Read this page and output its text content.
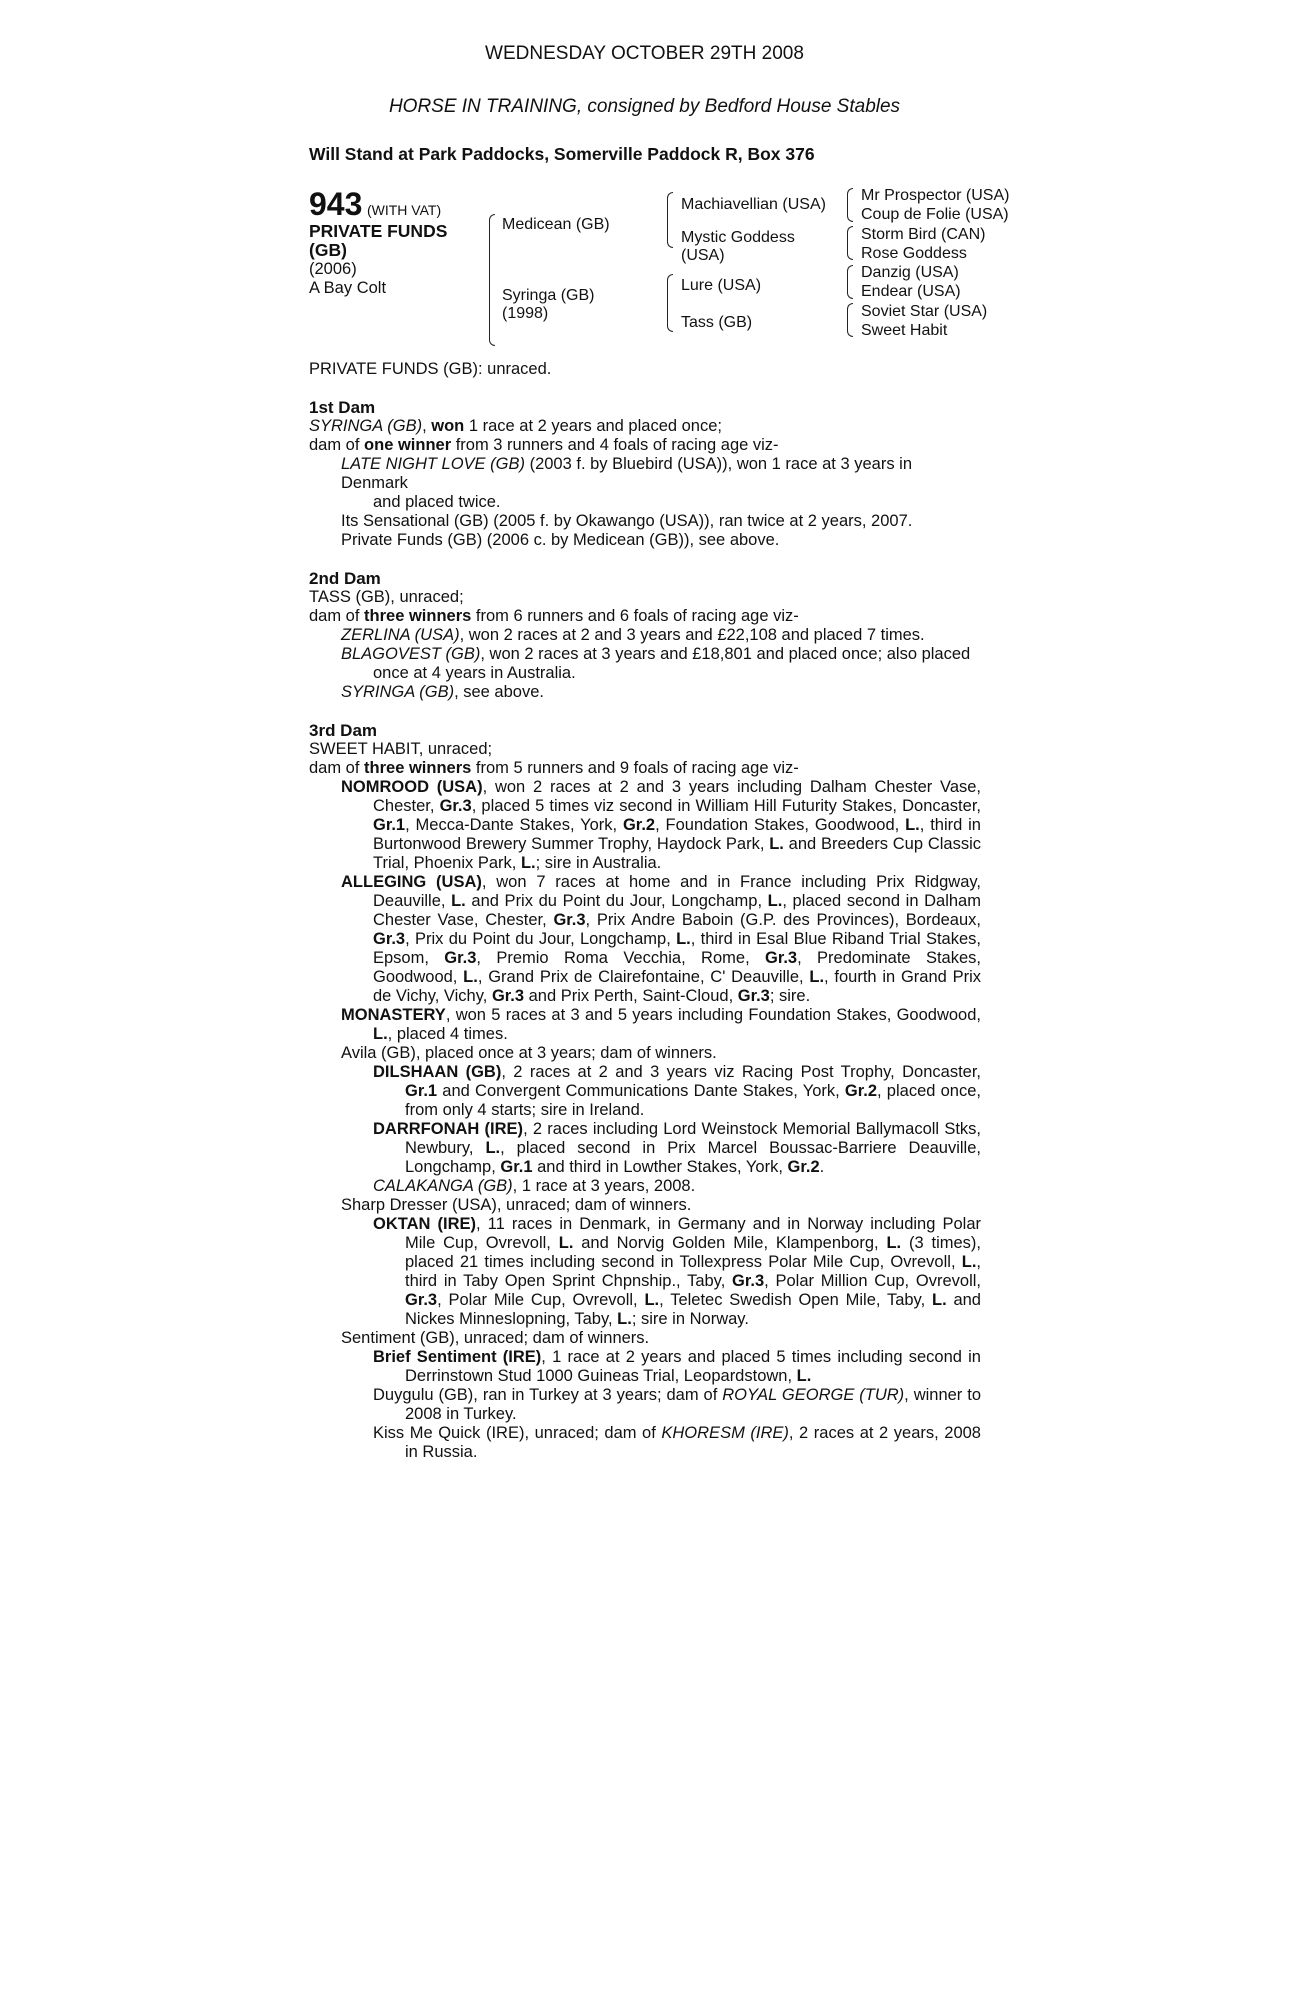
WEDNESDAY OCTOBER 29TH 2008
HORSE IN TRAINING, consigned by Bedford House Stables
Will Stand at Park Paddocks, Somerville Paddock R, Box 376
943 (WITH VAT)
PRIVATE FUNDS
(GB)
(2006)
A Bay Colt
Medicean (GB)
Syringa (GB)
(1998)
Machiavellian (USA)
Mystic Goddess
(USA)
Lure (USA)
Tass (GB)
Mr Prospector (USA)
Coup de Folie (USA)
Storm Bird (CAN)
Rose Goddess
Danzig (USA)
Endear (USA)
Soviet Star (USA)
Sweet Habit
PRIVATE FUNDS (GB): unraced.
1st Dam
SYRINGA (GB), won 1 race at 2 years and placed once;
dam of one winner from 3 runners and 4 foals of racing age viz-
LATE NIGHT LOVE (GB) (2003 f. by Bluebird (USA)), won 1 race at 3 years in Denmark
and placed twice.
Its Sensational (GB) (2005 f. by Okawango (USA)), ran twice at 2 years, 2007.
Private Funds (GB) (2006 c. by Medicean (GB)), see above.
2nd Dam
TASS (GB), unraced;
dam of three winners from 6 runners and 6 foals of racing age viz-
ZERLINA (USA), won 2 races at 2 and 3 years and £22,108 and placed 7 times.
BLAGOVEST (GB), won 2 races at 3 years and £18,801 and placed once; also placed
once at 4 years in Australia.
SYRINGA (GB), see above.
3rd Dam
SWEET HABIT, unraced;
dam of three winners from 5 runners and 9 foals of racing age viz-
NOMROOD (USA), won 2 races at 2 and 3 years including Dalham Chester Vase, Chester, Gr.3, placed 5 times viz second in William Hill Futurity Stakes, Doncaster, Gr.1, Mecca-Dante Stakes, York, Gr.2, Foundation Stakes, Goodwood, L., third in Burtonwood Brewery Summer Trophy, Haydock Park, L. and Breeders Cup Classic Trial, Phoenix Park, L.; sire in Australia.
ALLEGING (USA), won 7 races at home and in France including Prix Ridgway, Deauville, L. and Prix du Point du Jour, Longchamp, L., placed second in Dalham Chester Vase, Chester, Gr.3, Prix Andre Baboin (G.P. des Provinces), Bordeaux, Gr.3, Prix du Point du Jour, Longchamp, L., third in Esal Blue Riband Trial Stakes, Epsom, Gr.3, Premio Roma Vecchia, Rome, Gr.3, Predominate Stakes, Goodwood, L., Grand Prix de Clairefontaine, C' Deauville, L., fourth in Grand Prix de Vichy, Vichy, Gr.3 and Prix Perth, Saint-Cloud, Gr.3; sire.
MONASTERY, won 5 races at 3 and 5 years including Foundation Stakes, Goodwood, L., placed 4 times.
Avila (GB), placed once at 3 years; dam of winners.
DILSHAAN (GB), 2 races at 2 and 3 years viz Racing Post Trophy, Doncaster, Gr.1 and Convergent Communications Dante Stakes, York, Gr.2, placed once, from only 4 starts; sire in Ireland.
DARRFONAH (IRE), 2 races including Lord Weinstock Memorial Ballymacoll Stks, Newbury, L., placed second in Prix Marcel Boussac-Barriere Deauville, Longchamp, Gr.1 and third in Lowther Stakes, York, Gr.2.
CALAKANGA (GB), 1 race at 3 years, 2008.
Sharp Dresser (USA), unraced; dam of winners.
OKTAN (IRE), 11 races in Denmark, in Germany and in Norway including Polar Mile Cup, Ovrevoll, L. and Norvig Golden Mile, Klampenborg, L. (3 times), placed 21 times including second in Tollexpress Polar Mile Cup, Ovrevoll, L., third in Taby Open Sprint Chpnship., Taby, Gr.3, Polar Million Cup, Ovrevoll, Gr.3, Polar Mile Cup, Ovrevoll, L., Teletec Swedish Open Mile, Taby, L. and Nickes Minneslopning, Taby, L.; sire in Norway.
Sentiment (GB), unraced; dam of winners.
Brief Sentiment (IRE), 1 race at 2 years and placed 5 times including second in Derrinstown Stud 1000 Guineas Trial, Leopardstown, L.
Duygulu (GB), ran in Turkey at 3 years; dam of ROYAL GEORGE (TUR), winner to 2008 in Turkey.
Kiss Me Quick (IRE), unraced; dam of KHORESM (IRE), 2 races at 2 years, 2008 in Russia.
